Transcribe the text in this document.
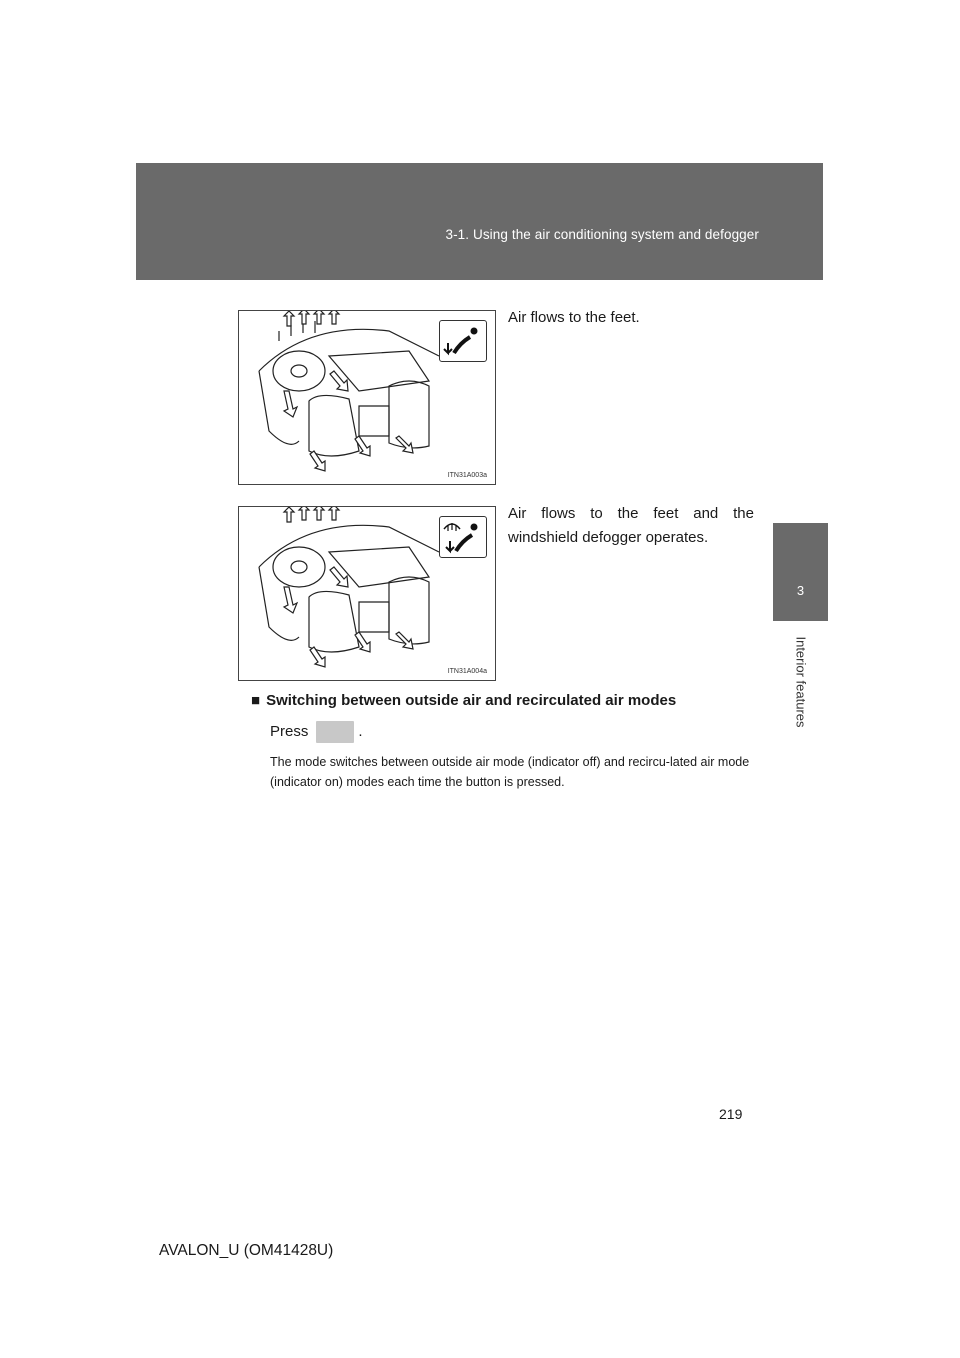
3-1. Using the air conditioning system and defogger
3
Interior features
ITN31A003a
Air flows to the feet.
ITN31A004a
Air flows to the feet and the windshield defogger operates.
■ Switching between outside air and recirculated air modes
Press	.
The mode switches between outside air mode (indicator off) and recircu-lated air mode (indicator on) modes each time the button is pressed.
219
AVALON_U (OM41428U)
